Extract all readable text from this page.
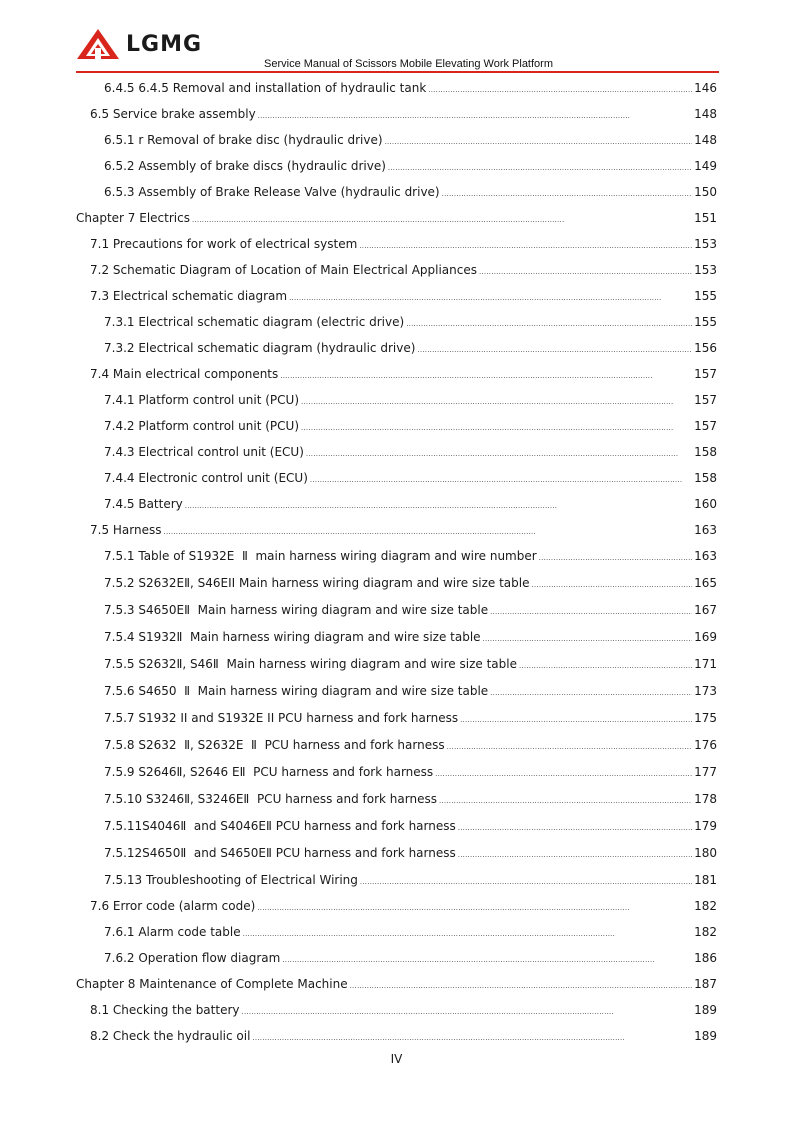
LGMG
Service Manual of Scissors Mobile Elevating Work Platform
6.4.5 6.4.5 Removal and installation of hydraulic tank . . .	146
6.5 Service brake assembly . . .	148
6.5.1 r Removal of brake disc (hydraulic drive) . . .	148
6.5.2 Assembly of brake discs (hydraulic drive) . . .	149
6.5.3 Assembly of Brake Release Valve (hydraulic drive) . . .	150
Chapter 7 Electrics . . .	151
7.1 Precautions for work of electrical system . . .	153
7.2 Schematic Diagram of Location of Main Electrical Appliances . . .	153
7.3 Electrical schematic diagram . . .	155
7.3.1 Electrical schematic diagram (electric drive) . . .	155
7.3.2 Electrical schematic diagram (hydraulic drive) . . .	156
7.4 Main electrical components . . .	157
7.4.1 Platform control unit (PCU) . . .	157
7.4.2 Platform control unit (PCU) . . .	157
7.4.3 Electrical control unit (ECU) . . .	158
7.4.4 Electronic control unit (ECU) . . .	158
7.4.5 Battery . . .	160
7.5 Harness . . .	163
7.5.1 Table of S1932E  Ⅱ  main harness wiring diagram and wire number . . .	163
7.5.2 S2632EⅡ, S46EII Main harness wiring diagram and wire size table . . .	165
7.5.3 S4650EⅡ  Main harness wiring diagram and wire size table . . .	167
7.5.4 S1932Ⅱ  Main harness wiring diagram and wire size table . . .	169
7.5.5 S2632Ⅱ, S46Ⅱ  Main harness wiring diagram and wire size table . . .	171
7.5.6 S4650  Ⅱ  Main harness wiring diagram and wire size table . . .	173
7.5.7 S1932 II and S1932E II PCU harness and fork harness . . .	175
7.5.8 S2632  Ⅱ, S2632E  Ⅱ  PCU harness and fork harness . . .	176
7.5.9 S2646Ⅱ, S2646 EⅡ  PCU harness and fork harness . . .	177
7.5.10 S3246Ⅱ, S3246EⅡ  PCU harness and fork harness . . .	178
7.5.11S4046Ⅱ  and S4046EⅡ PCU harness and fork harness . . .	179
7.5.12S4650Ⅱ  and S4650EⅡ PCU harness and fork harness . . .	180
7.5.13 Troubleshooting of Electrical Wiring . . .	181
7.6 Error code (alarm code) . . .	182
7.6.1 Alarm code table . . .	182
7.6.2 Operation flow diagram . . .	186
Chapter 8 Maintenance of Complete Machine . . .	187
8.1 Checking the battery . . .	189
8.2 Check the hydraulic oil . . .	189
IV
